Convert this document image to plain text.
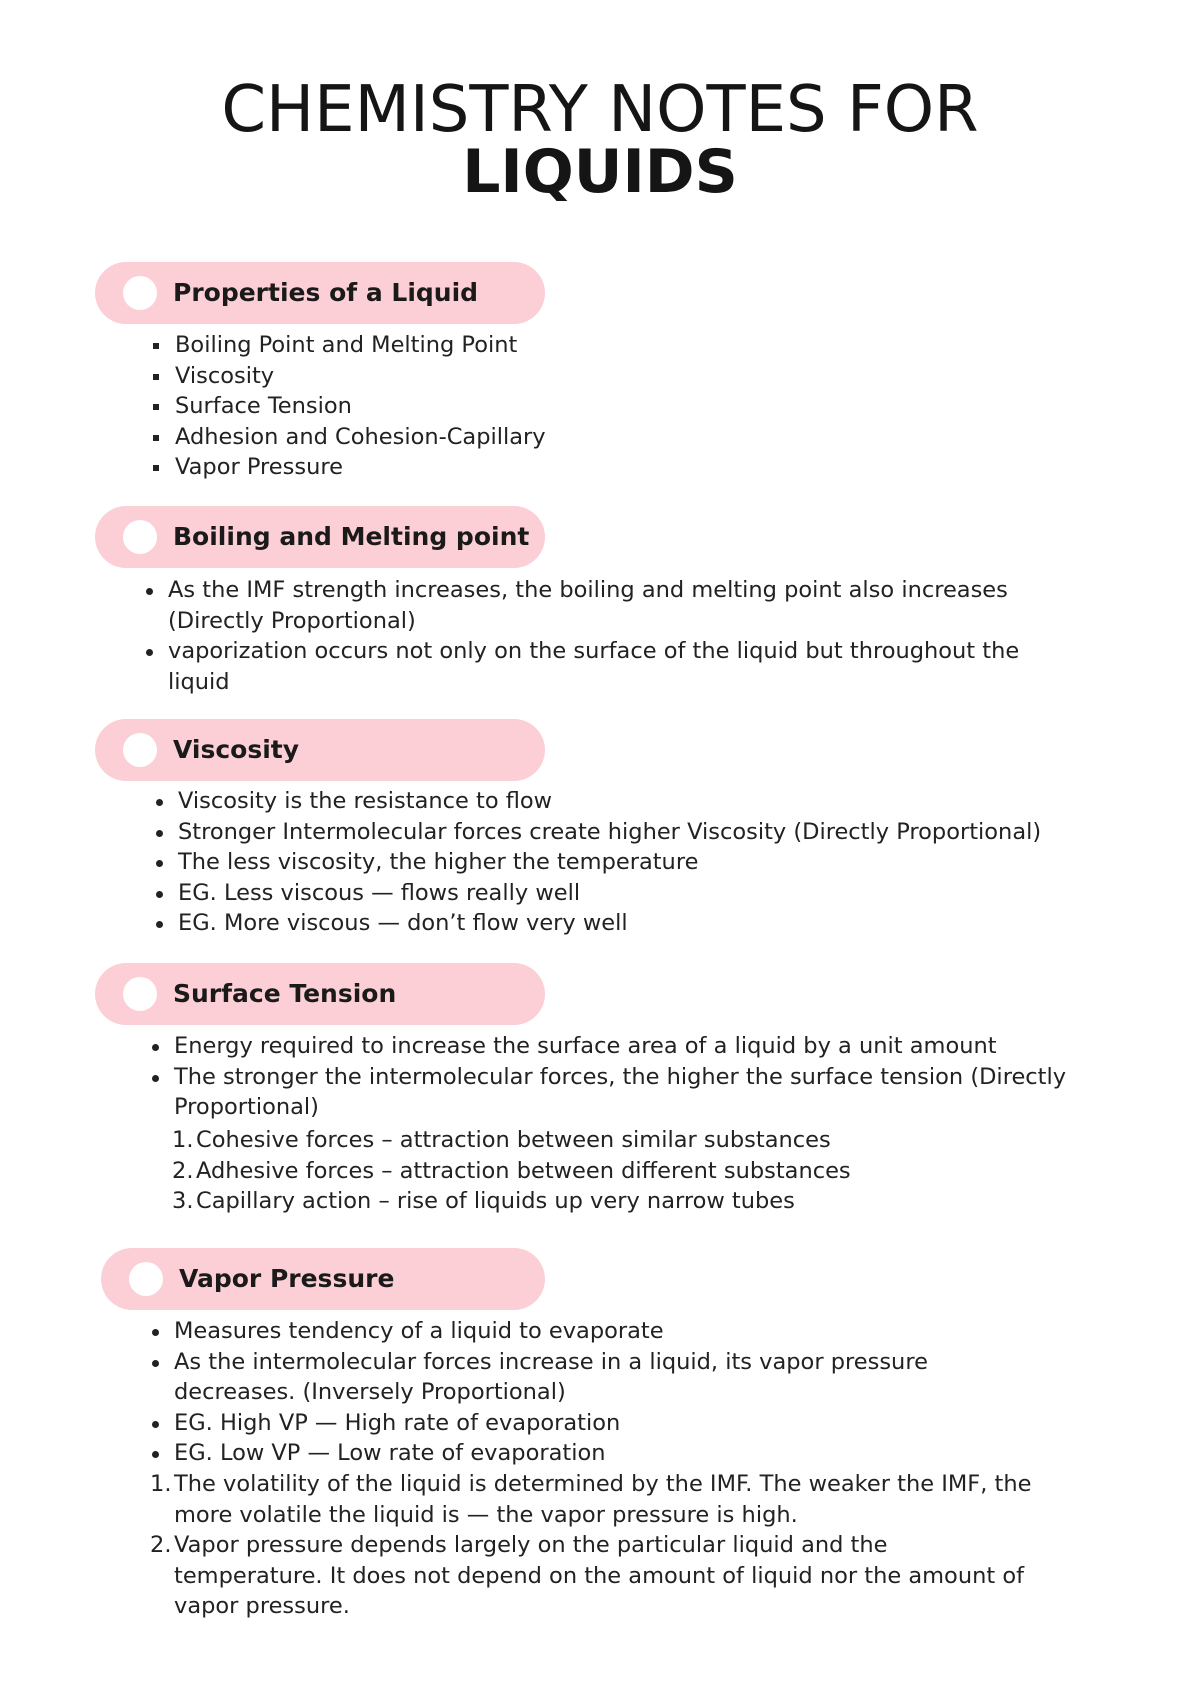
CHEMISTRY NOTES FOR
LIQUIDS
Properties of a Liquid
Boiling Point and Melting Point
Viscosity
Surface Tension
Adhesion and Cohesion-Capillary
Vapor Pressure
Boiling and Melting point
As the IMF strength increases, the boiling and melting point also increases (Directly Proportional)
vaporization occurs not only on the surface of the liquid but throughout the liquid
Viscosity
Viscosity is the resistance to flow
Stronger Intermolecular forces create higher Viscosity (Directly Proportional)
The less viscosity, the higher the temperature
EG. Less viscous — flows really well
EG. More viscous — don’t flow very well
Surface Tension
Energy required to increase the surface area of a liquid by a unit amount
The stronger the intermolecular forces, the higher the surface tension (Directly Proportional)
1. Cohesive forces – attraction between similar substances
2. Adhesive forces – attraction between different substances
3. Capillary action – rise of liquids up very narrow tubes
Vapor Pressure
Measures tendency of a liquid to evaporate
As the intermolecular forces increase in a liquid, its vapor pressure decreases. (Inversely Proportional)
EG. High VP — High rate of evaporation
EG. Low VP — Low rate of evaporation
1. The volatility of the liquid is determined by the IMF. The weaker the IMF, the more volatile the liquid is — the vapor pressure is high.
2. Vapor pressure depends largely on the particular liquid and the temperature. It does not depend on the amount of liquid nor the amount of vapor pressure.
